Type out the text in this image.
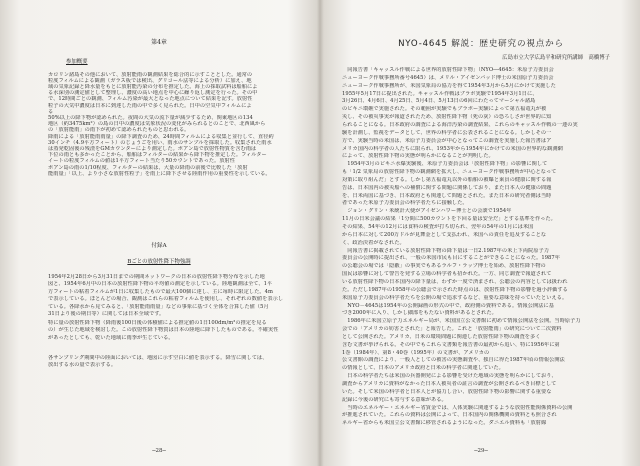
第4章
参加概要
カロリン諸島その他において、放射能雨の観測結果を総合的に示すこととした。通常の
粒度フィルムによる観測（ガラス板では検出、グリコール法等による分析）に加え、地
域の気象記録と降水量をもとに放射能汚染の分布を推定した。海上の採取試料は船舶によ
る水深別の測定値として整理し、濃度の高い地点を中心に繰り返し測定を行った。その中
で、12時間ごとの観測、フィルム汚染が最大となった地点について結果を記す。放射性
粒子の大気中濃度は日本に到達した雨の中で多く見られた。日中の空気中フィルムによ
る
50%以上の降下物が認められた。夜間の大気の流下量が減少するため、関東地区の134
地区（約3475km²）の島の日中の濃度は気象状況の変化がみられるとのことで、北西風から
の「放射能雨」の雨下が初めて認められたものと思われる。
降雨による「放射能雨雨量」の降下調査のため、24時間フィルムによる収集と並行して、直径約
30インチ（4.9平方フィート）のじょうごを用い、雨水のサンプルを採取した。収集された雨水
は蒸発乾固後の残渣をGMカウンターにより測定した。ポアン島で放射性物質を含む雨は
下位の雨とも多かったことから、船舶はフィルターの結果から降下物を推定した。フィルター
イートの粒度フィルムの値は1平方フィート当たり50カウントであった。放射性
ポアン島の雨の1/10程度、フィルターの結果は、大量の降雨の前後で比較した「放射
能雨量」「以上、より小さな放射性粒子」を雨上に降下させる陸雨作用の重要性を示している。
付録A
Bごとの放射性降下物強調
1954年2月28日から3月31日までの期間ネットワークの日本の放射性降下物分布を示した地
図と、1954年6月中の日本の放射性降下物の平均値の測定を示している。陸地観測は全て、1平
方フィートの粘着フィルムが1日に収集したもので最大100個に達し、主に毎時に限定した。4m
で表示している。ほとんどの場合、観測はこれらの粘着フィルムを使用し、それぞれの数値を表示し
ている。各降水から見てみると、「放射能雨雨量」などの事象に基づく全体を合算した値（5月
31日より後の期日等）に関しては日本全域です。
特に量の放射性降下物（降雨後100日後の体積値による推定値の1日100dm/m²の推定を見る
の）が生じた地域を検討した。この放射性降下物質は日本の陸地に降下したものである。不確実性
があったとしても、乾いた地域に雨季が生じている。
各サンプリング期間中の陸面においては、地図に示す空白に値を表示する。降雪に関しては、
放出する水の量で表示する。
─28─
NYO-4645 解説：歴史研究の視点から
広島市立大学広島平和研究所講師　高橋博子
　同報告書「キャッスル作戦による世界的放射性降下物」（NYO―4645：米原子力委員会
ニューヨーク作戦事務所番号4645）は、メリル・アイゼンバッド博士の米国原子力委員会
ニューヨーク作戦事務所が、米国気象局の協力を得て1954年3月から5月にかけて実施した
1955年5月17日に提出された。キャッスル作戦はブラボ実験で1954年3月1日に、
3月26日、4月6日、4月25日、5月4日、5月13日の6回にわたってマーシャル諸島
のビキニ環礁で実施された。その範囲が実験でもブラボー実験によって第五福竜丸が被
災し、その被災事実が報道されたため、放射性降下物（死の灰）の恐ろしさが世界的に知
られることになる。日本政府の調査による海洋汚染の調査結果、これらのキャッスル作戦の一連の実
験を計測し、監視をデータとして、世界の科学者に公表されることになる。しかしその一
方で、実験当時の米国は、米原子力委員会が中心となってこの調査を実施した報告書はア
メリカ国内の科学者の人たちに限られ、1953年から1954年にかけての米国の世界的な観測網
によって、放射性降下物の実態が明らかになることが判明した。
　1954年3月のビキニ水爆実験後、米原子力委員会は「放射性降下物」の影響に関して
も「1/2 気象局の放射性降下物の観測網を拡大し、ニューヨーク作戦事務所が中心となって
対策に取り組んだ」とする。しかし第五福竜丸以外の船舶の被曝と乗員の健康に関する報
告は、日本国内の被災船への補償に関する問題に関係しており、また日本人の健康の問題
を、日米両国に基づき、日本政府とも関連して問題とされた。また日本の研究者側は当時
者であった米原子力委員会の科学者たちに接触した。
　ジョン・グリン・米統計大使がアイゼンハワー博士との会談で1954年
11月の日米会議の結果「1分間に500カウントを下回る量は安全だ」とする基準を作った。
その結果、54年の12月には食料の検査が打ち切られ、翌年の54年の1月には米国
から日本に対して200万ドルが見舞金として支払われ、米国への責任を追及することな
く、政治決着がなされた。
　同報告書に掲載されている放射性降下物の降下量は一日2.1987年の米上下両院原子力
委員会の公開時に提出され、一般の米国市民も目にすることができることになった。1987年
の公聴会の場では「隠蔽」の事実でもあるラルフ・ラップ博士を始め、放射性降下物の
国民は影響に対して警告を発する立場の科学者も招かれた。一方、同じ調査で報道されて
いる放射性降下物の日本国内の降下量は、わずか一度で済まされ、公聴会の内容としては扱われ
た。ただし1987年の1958年の公聴会で示された時点のは、放射性降下物の影響を過小評価する
米国原子力委員会の科学者たちを公開の場で追求するなど、重要な意味を持っていたといえる。
　NYO－4645は1954年の公開録画の形式の中で、政府側の資料である。情報公開法に基
づき2000年に入り、しかし細部をもたない資料があるとされた。
　1986年に米国立原子力エネルギー局が、米国国立公文書館に初めて情報公開法を公開。当時原子力
会での「アメリカの妨害とされた」と報告した。これと「放射能雨」の研究について二次資料
として公開された。アメリカ、日米の環境問題に関連した放射性降下物の調査を多く
含む文書が挙げられる。その中でもこれら文書類を報告書の最初から追い、特に1956年に第
1巻（1984年）、第8・40巻（1995年）の文書が、アメリカの
公文書館の調査により、一般人としての被害の実態調査や、独自に得た1987年頃の情報公開法
の情報として、日本のアメリカ政府と日米の科学者に関連していた。
　日本の科学者たちは米国の兵器開発による影響を受けた地域の実態を明らかにしており、
調査からアメリカに資料がなかった日本人被災者の証言の調査が公開されるべき目標として
いた。そして米国の科学者と日本人とが協力し合い、放射性降下物の影響に関する重要な
記録に今後の研究にも寄与する意味がある。
　当時のエネルギー・エネルギー省賃金では、人体実験に関連するような放射性能関係資料の公開
が推進されていた。これらの資料は公開によって、日本国内の関係機関の資料とも照合され
ネルギー省からも米国立公文書館に移管されるようになった。ダニエル資料も「放射線
─29─
